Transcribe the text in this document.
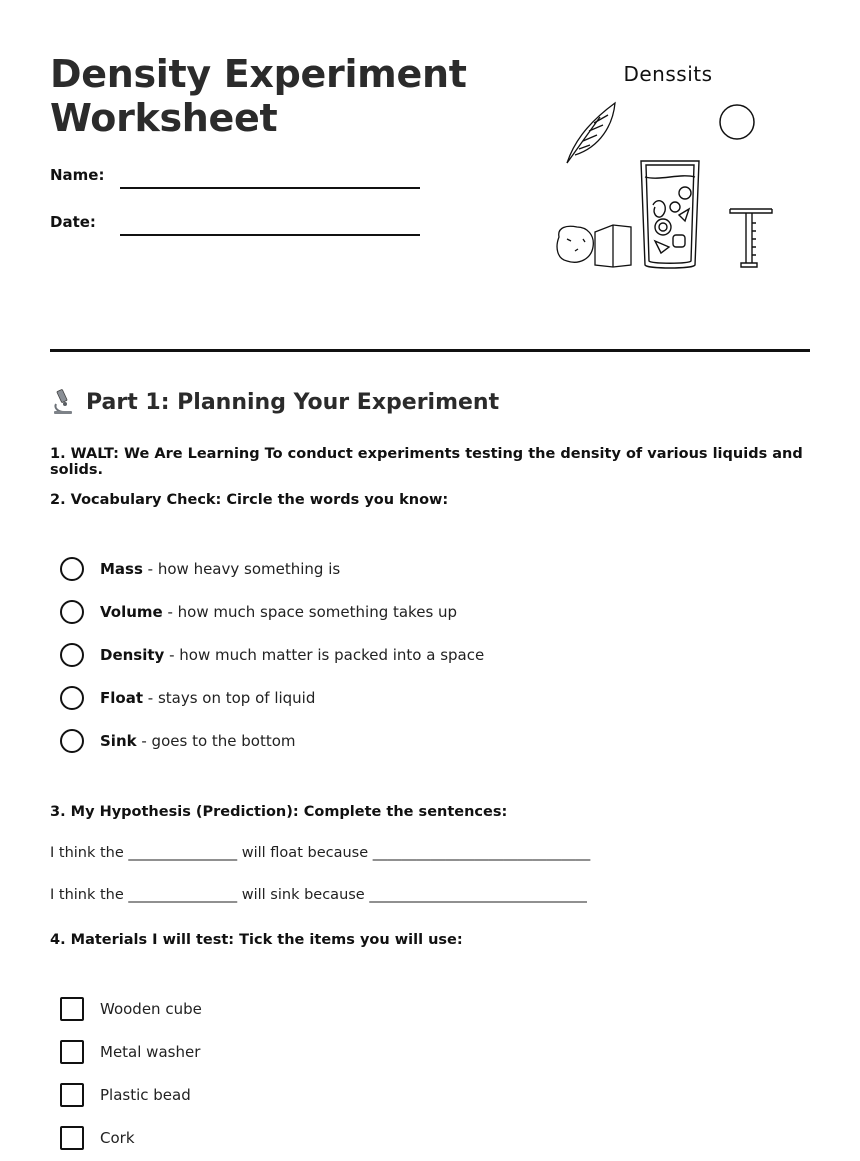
Density Experiment
Worksheet
Name:
Date:
Denssits
Part 1: Planning Your Experiment
1. WALT: We Are Learning To conduct experiments testing the density of various liquids and solids.
2. Vocabulary Check: Circle the words you know:
Mass - how heavy something is
Volume - how much space something takes up
Density - how much matter is packed into a space
Float - stays on top of liquid
Sink - goes to the bottom
3. My Hypothesis (Prediction): Complete the sentences:
I think the _______________ will float because ______________________________
I think the _______________ will sink because ______________________________
4. Materials I will test: Tick the items you will use:
Wooden cube
Metal washer
Plastic bead
Cork
